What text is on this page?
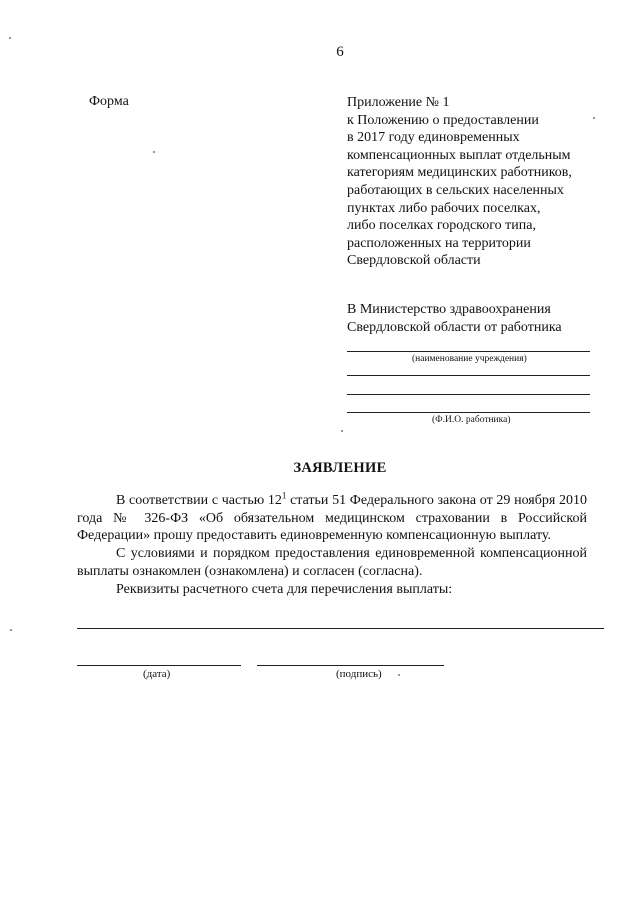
6
Форма	Приложение № 1
к Положению о предоставлении
в 2017 году единовременных
компенсационных выплат отдельным
категориям медицинских работников,
работающих в сельских населенных
пунктах либо рабочих поселках,
либо поселках городского типа,
расположенных на территории
Свердловской области
В Министерство здравоохранения
Свердловской области от работника
(наименование учреждения)
(Ф.И.О. работника)
ЗАЯВЛЕНИЕ
В соответствии с частью $12^1$ статьи 51 Федерального закона от 29 ноября 2010 года № 326-ФЗ «Об обязательном медицинском страховании в Российской Федерации» прошу предоставить единовременную компенсационную выплату.
С условиями и порядком предоставления единовременной компенсационной выплаты ознакомлен (ознакомлена) и согласен (согласна).
Реквизиты расчетного счета для перечисления выплаты:
(дата)	(подпись)
